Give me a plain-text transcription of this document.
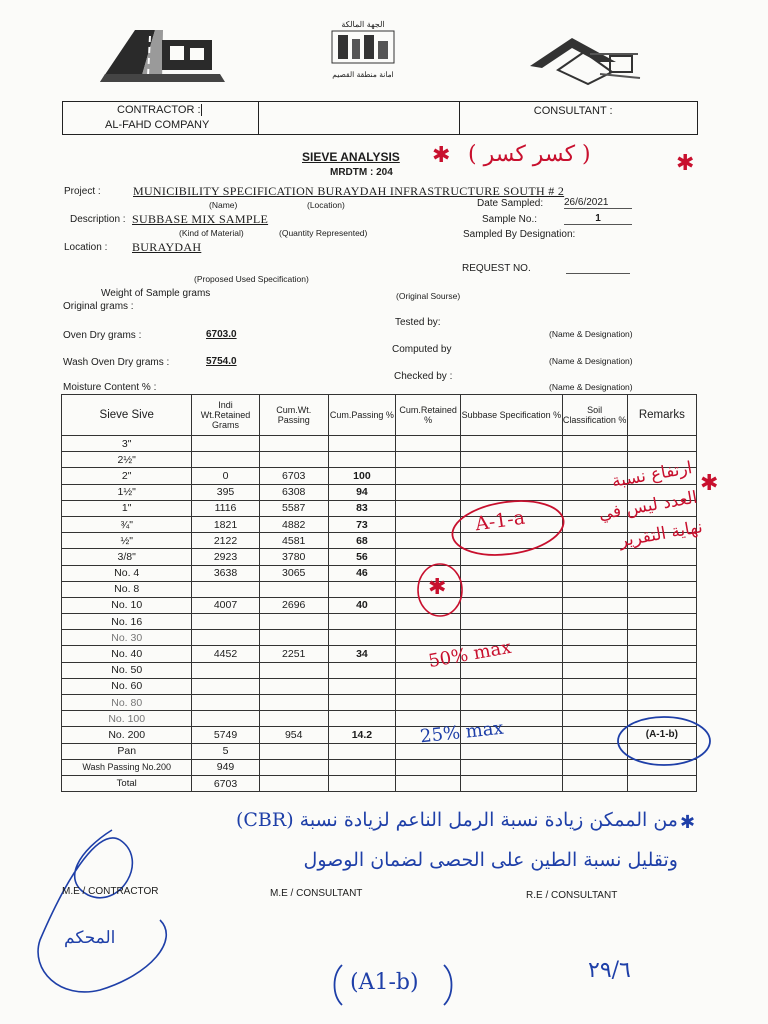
الجهة المالكة
امانة منطقة القصيم
CONTRACTOR :
AL-FAHD COMPANY
CONSULTANT :
SIEVE ANALYSIS
MRDTM : 204
( كسر كسر )
✱	✱
Project :	MUNICIBILITY SPECIFICATION BURAYDAH INFRASTRUCTURE SOUTH # 2
(Name)	(Location)	Date Sampled: 26/6/2021
Description : SUBBASE MIX SAMPLE
(Kind of Material)	(Quantity Represented)
Sample No.:	1
Sampled By Designation:
Location : BURAYDAH
REQUEST NO.
(Proposed Used Specification)
Weight of Sample grams
Original grams :
(Original Sourse)
Tested by:
Oven Dry grams :	6703.0	(Name & Designation)
Computed by
Wash Oven Dry grams :	5754.0	(Name & Designation)
Checked by :
Moisture Content % :	(Name & Designation)
Sieve Sive	Indi Wt.Retained Grams	Cum.Wt. Passing	Cum.Passing %	Cum.Retained %	Subbase Specification %	Soil Classification %	Remarks
3"							
2½"							
2"	0	6703	100				
1½"	395	6308	94				
1"	1116	5587	83				
¾"	1821	4882	73				
½"	2122	4581	68				
3/8"	2923	3780	56				
No. 4	3638	3065	46				
No. 8							
No. 10	4007	2696	40				
No. 16							
No. 30							
No. 40	4452	2251	34				
No. 50							
No. 60							
No. 80							
No. 100							
No. 200	5749	954	14.2				(A-1-b)
Pan	5						
Wash Passing No.200	949						
Total	6703						
A-1-a
✱
✱
ارتفاع نسبة العدد ليس في نهاية التقرير
50% max
25% max
✱
من الممكن زيادة نسبة الرمل الناعم لزيادة نسبة (CBR) وتقليل نسبة الطين على الحصى لضمان الوصول
(A1-b)	٢٩/٦
المحكم
M.E / CONTRACTOR	M.E / CONSULTANT	R.E / CONSULTANT
